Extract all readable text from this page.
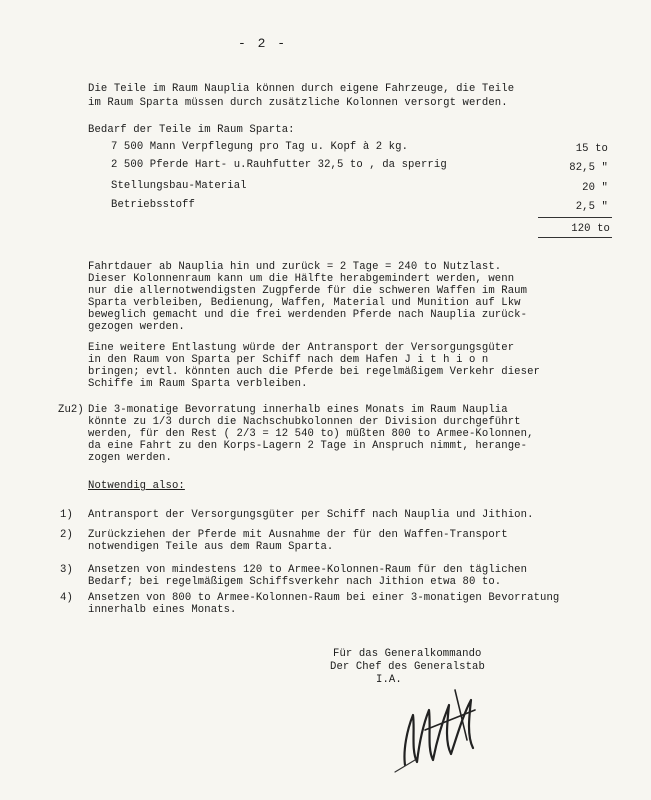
- 2 -
Die Teile im Raum Nauplia können durch eigene Fahrzeuge, die Teile
im Raum Sparta müssen durch zusätzliche Kolonnen versorgt werden.
Bedarf der Teile im Raum Sparta:
7 500 Mann Verpflegung pro Tag u. Kopf à 2 kg.	15 to
2 500 Pferde Hart- u.Rauhfutter 32,5 to , da sperrig	82,5 "
Stellungsbau-Material	20 "
Betriebsstoff	2,5 "
120 to
Fahrtdauer ab Nauplia hin und zurück = 2 Tage = 240 to Nutzlast.
Dieser Kolonnenraum kann um die Hälfte herabgemindert werden, wenn
nur die allernotwendigsten Zugpferde für die schweren Waffen im Raum
Sparta verbleiben, Bedienung, Waffen, Material und Munition auf Lkw
beweglich gemacht und die frei werdenden Pferde nach Nauplia zurück-
gezogen werden.
Eine weitere Entlastung würde der Antransport der Versorgungsgüter
in den Raum von Sparta per Schiff nach dem Hafen J i t h i o n
bringen; evtl. könnten auch die Pferde bei regelmäßigem Verkehr dieser
Schiffe im Raum Sparta verbleiben.
Zu2) Die 3-monatige Bevorratung innerhalb eines Monats im Raum Nauplia
könnte zu 1/3 durch die Nachschubkolonnen der Division durchgeführt
werden, für den Rest ( 2/3 = 12 540 to) müßten 800 to Armee-Kolonnen,
da eine Fahrt zu den Korps-Lagern 2 Tage in Anspruch nimmt, herange-
zogen werden.
Notwendig also:
1) Antransport der Versorgungsgüter per Schiff nach Nauplia und Jithion.
2) Zurückziehen der Pferde mit Ausnahme der für den Waffen-Transport
notwendigen Teile aus dem Raum Sparta.
3) Ansetzen von mindestens 120 to Armee-Kolonnen-Raum für den täglichen
Bedarf; bei regelmäßigem Schiffsverkehr nach Jithion etwa 80 to.
4) Ansetzen von 800 to Armee-Kolonnen-Raum bei einer 3-monatigen Bevorratung
innerhalb eines Monats.
Für das Generalkommando
Der Chef des Generalstab
I.A.
